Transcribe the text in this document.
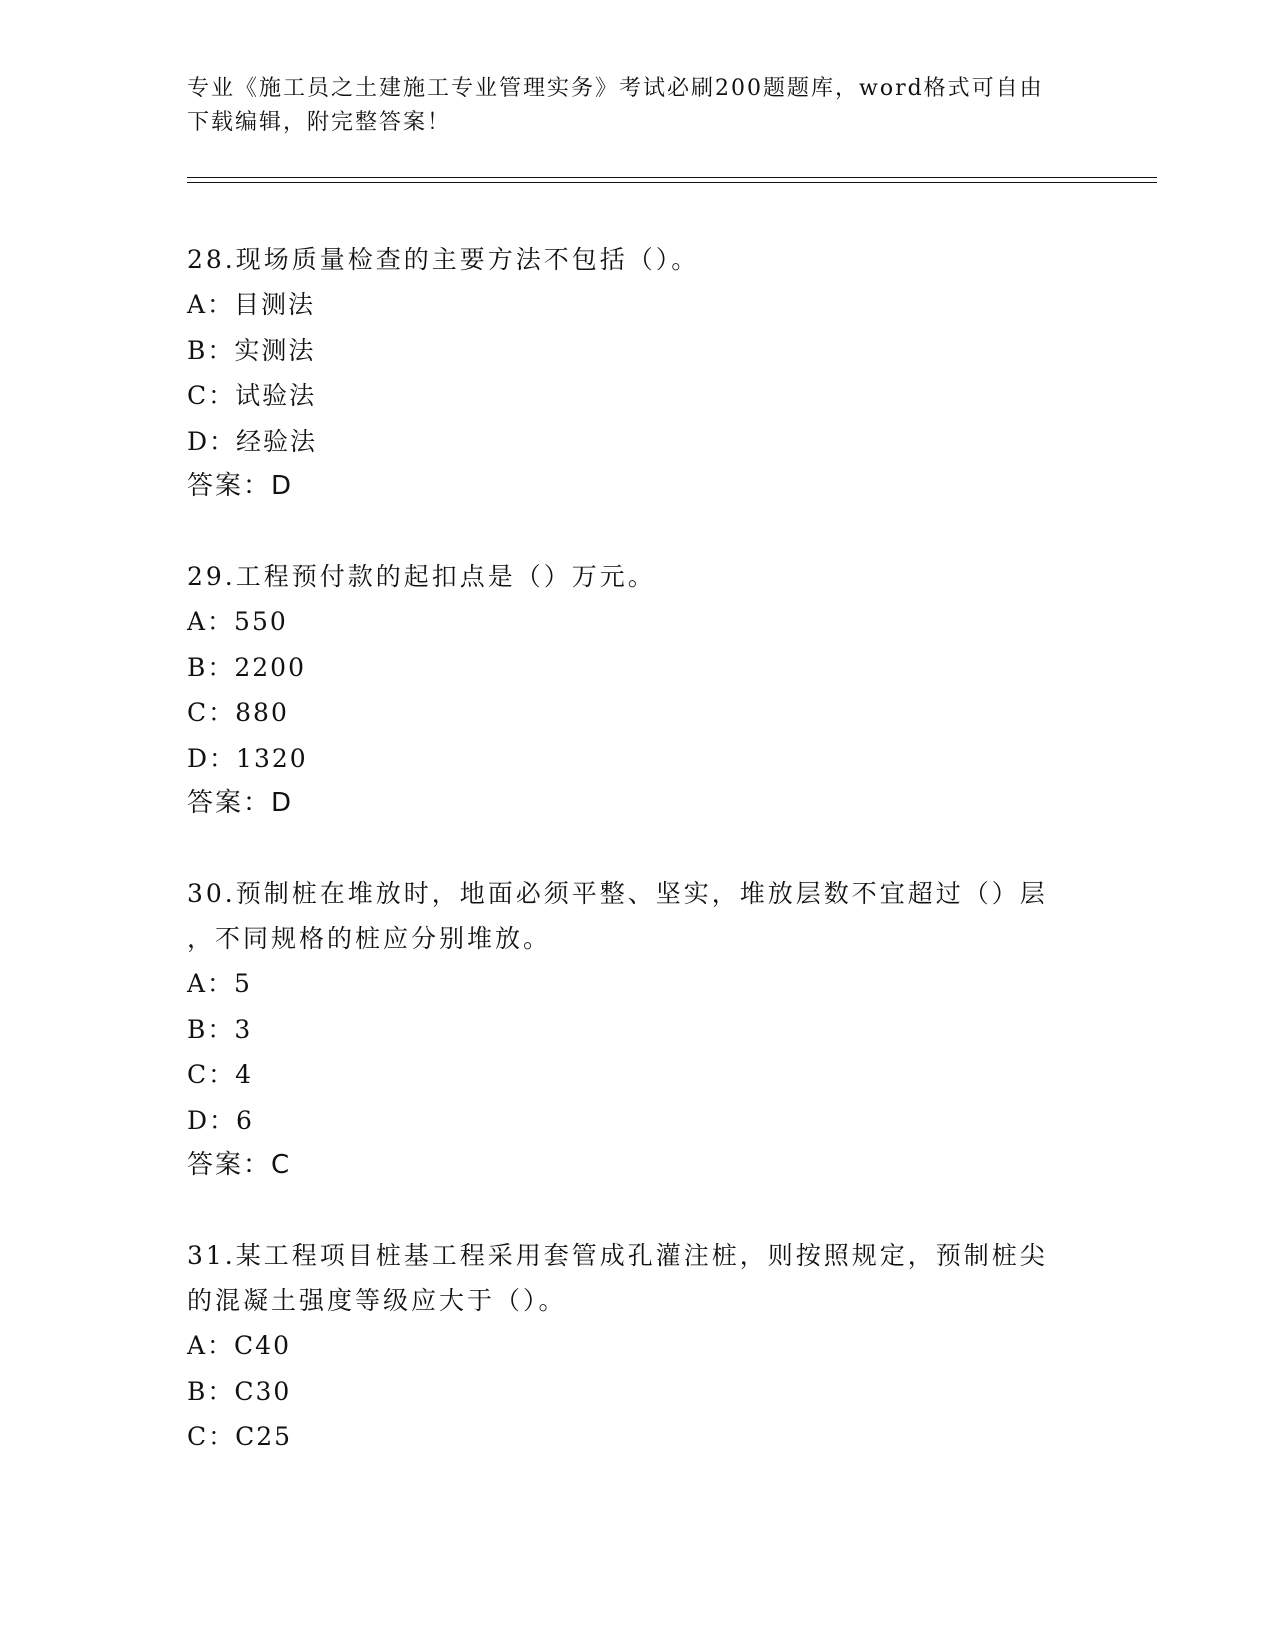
专业《施工员之土建施工专业管理实务》考试必刷200题题库，word格式可自由
下载编辑，附完整答案！
28.现场质量检查的主要方法不包括（）。
A：目测法
B：实测法
C：试验法
D：经验法
答案：D
29.工程预付款的起扣点是（）万元。
A：550
B：2200
C：880
D：1320
答案：D
30.预制桩在堆放时，地面必须平整、坚实，堆放层数不宜超过（）层
，不同规格的桩应分别堆放。
A：5
B：3
C：4
D：6
答案：C
31.某工程项目桩基工程采用套管成孔灌注桩，则按照规定，预制桩尖
的混凝土强度等级应大于（）。
A：C40
B：C30
C：C25
